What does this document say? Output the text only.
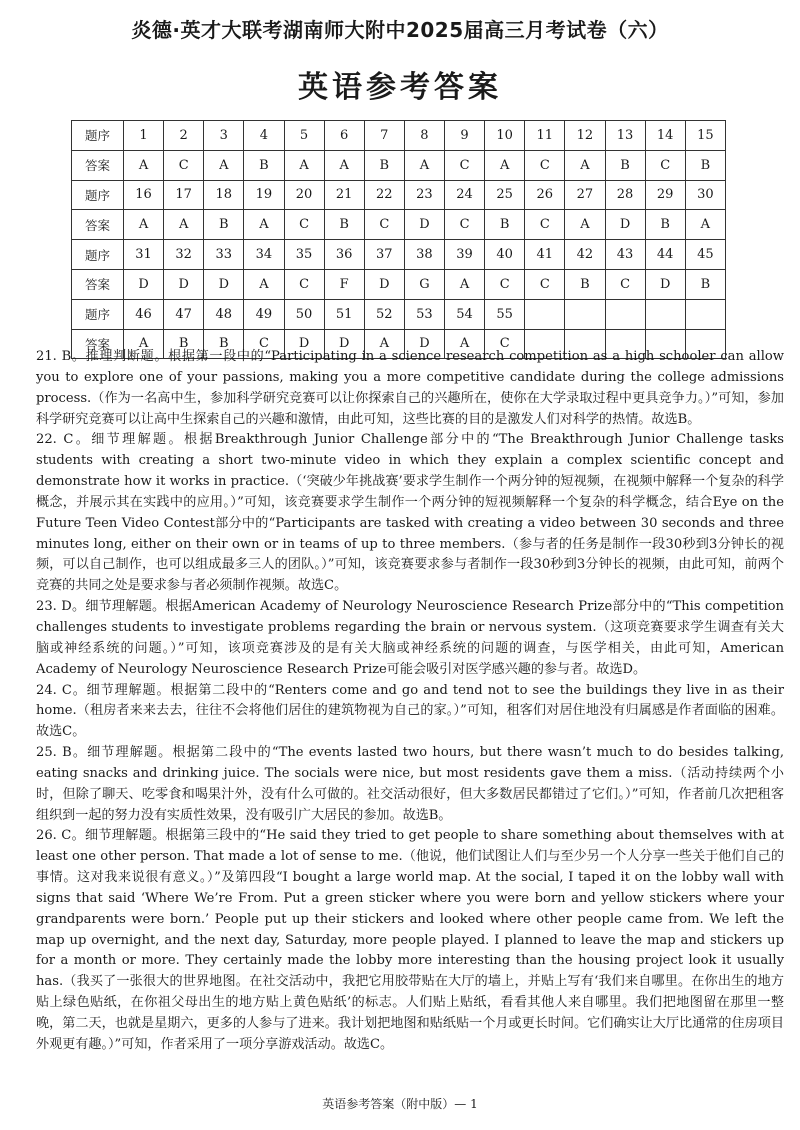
炎德·英才大联考湖南师大附中2025届高三月考试卷（六）
英语参考答案
题序	1	2	3	4	5	6	7	8	9	10	11	12	13	14	15
答案	A	C	A	B	A	A	B	A	C	A	C	A	B	C	B
题序	16	17	18	19	20	21	22	23	24	25	26	27	28	29	30
答案	A	A	B	A	C	B	C	D	C	B	C	A	D	B	A
题序	31	32	33	34	35	36	37	38	39	40	41	42	43	44	45
答案	D	D	D	A	C	F	D	G	A	C	C	B	C	D	B
题序	46	47	48	49	50	51	52	53	54	55					
答案	A	B	B	C	D	D	A	D	A	C					

21. B。推理判断题。根据第一段中的“Participating in a science research competition as a high schooler can allow you to explore one of your passions, making you a more competitive candidate during the college admissions process.（作为一名高中生，参加科学研究竞赛可以让你探索自己的兴趣所在，使你在大学录取过程中更具竞争力。）”可知，参加科学研究竞赛可以让高中生探索自己的兴趣和激情，由此可知，这些比赛的目的是激发人们对科学的热情。故选B。

22. C。细节理解题。根据Breakthrough Junior Challenge部分中的“The Breakthrough Junior Challenge tasks students with creating a short two-minute video in which they explain a complex scientific concept and demonstrate how it works in practice.（‘突破少年挑战赛’要求学生制作一个两分钟的短视频，在视频中解释一个复杂的科学概念，并展示其在实践中的应用。）”可知，该竞赛要求学生制作一个两分钟的短视频解释一个复杂的科学概念，结合Eye on the Future Teen Video Contest部分中的“Participants are tasked with creating a video between 30 seconds and three minutes long, either on their own or in teams of up to three members.（参与者的任务是制作一段30秒到3分钟长的视频，可以自己制作，也可以组成最多三人的团队。）”可知，该竞赛要求参与者制作一段30秒到3分钟长的视频，由此可知，前两个竞赛的共同之处是要求参与者必须制作视频。故选C。

23. D。细节理解题。根据American Academy of Neurology Neuroscience Research Prize部分中的“This competition challenges students to investigate problems regarding the brain or nervous system.（这项竞赛要求学生调查有关大脑或神经系统的问题。）”可知，该项竞赛涉及的是有关大脑或神经系统的问题的调查，与医学相关，由此可知，American Academy of Neurology Neuroscience Research Prize可能会吸引对医学感兴趣的参与者。故选D。

24. C。细节理解题。根据第二段中的“Renters come and go and tend not to see the buildings they live in as their home.（租房者来来去去，往往不会将他们居住的建筑物视为自己的家。）”可知，租客们对居住地没有归属感是作者面临的困难。故选C。

25. B。细节理解题。根据第二段中的“The events lasted two hours, but there wasn’t much to do besides talking, eating snacks and drinking juice. The socials were nice, but most residents gave them a miss.（活动持续两个小时，但除了聊天、吃零食和喝果汁外，没有什么可做的。社交活动很好，但大多数居民都错过了它们。）”可知，作者前几次把租客组织到一起的努力没有实质性效果，没有吸引广大居民的参加。故选B。

26. C。细节理解题。根据第三段中的“He said they tried to get people to share something about themselves with at least one other person. That made a lot of sense to me.（他说，他们试图让人们与至少另一个人分享一些关于他们自己的事情。这对我来说很有意义。）”及第四段“I bought a large world map. At the social, I taped it on the lobby wall with signs that said ‘Where We’re From. Put a green sticker where you were born and yellow stickers where your grandparents were born.’ People put up their stickers and looked where other people came from. We left the map up overnight, and the next day, Saturday, more people played. I planned to leave the map and stickers up for a month or more. They certainly made the lobby more interesting than the housing project look it usually has.（我买了一张很大的世界地图。在社交活动中，我把它用胶带贴在大厅的墙上，并贴上写有‘我们来自哪里。在你出生的地方贴上绿色贴纸，在你祖父母出生的地方贴上黄色贴纸’的标志。人们贴上贴纸，看看其他人来自哪里。我们把地图留在那里一整晚，第二天，也就是星期六，更多的人参与了进来。我计划把地图和贴纸贴一个月或更长时间。它们确实让大厅比通常的住房项目外观更有趣。）”可知，作者采用了一项分享游戏活动。故选C。

英语参考答案（附中版）— 1
